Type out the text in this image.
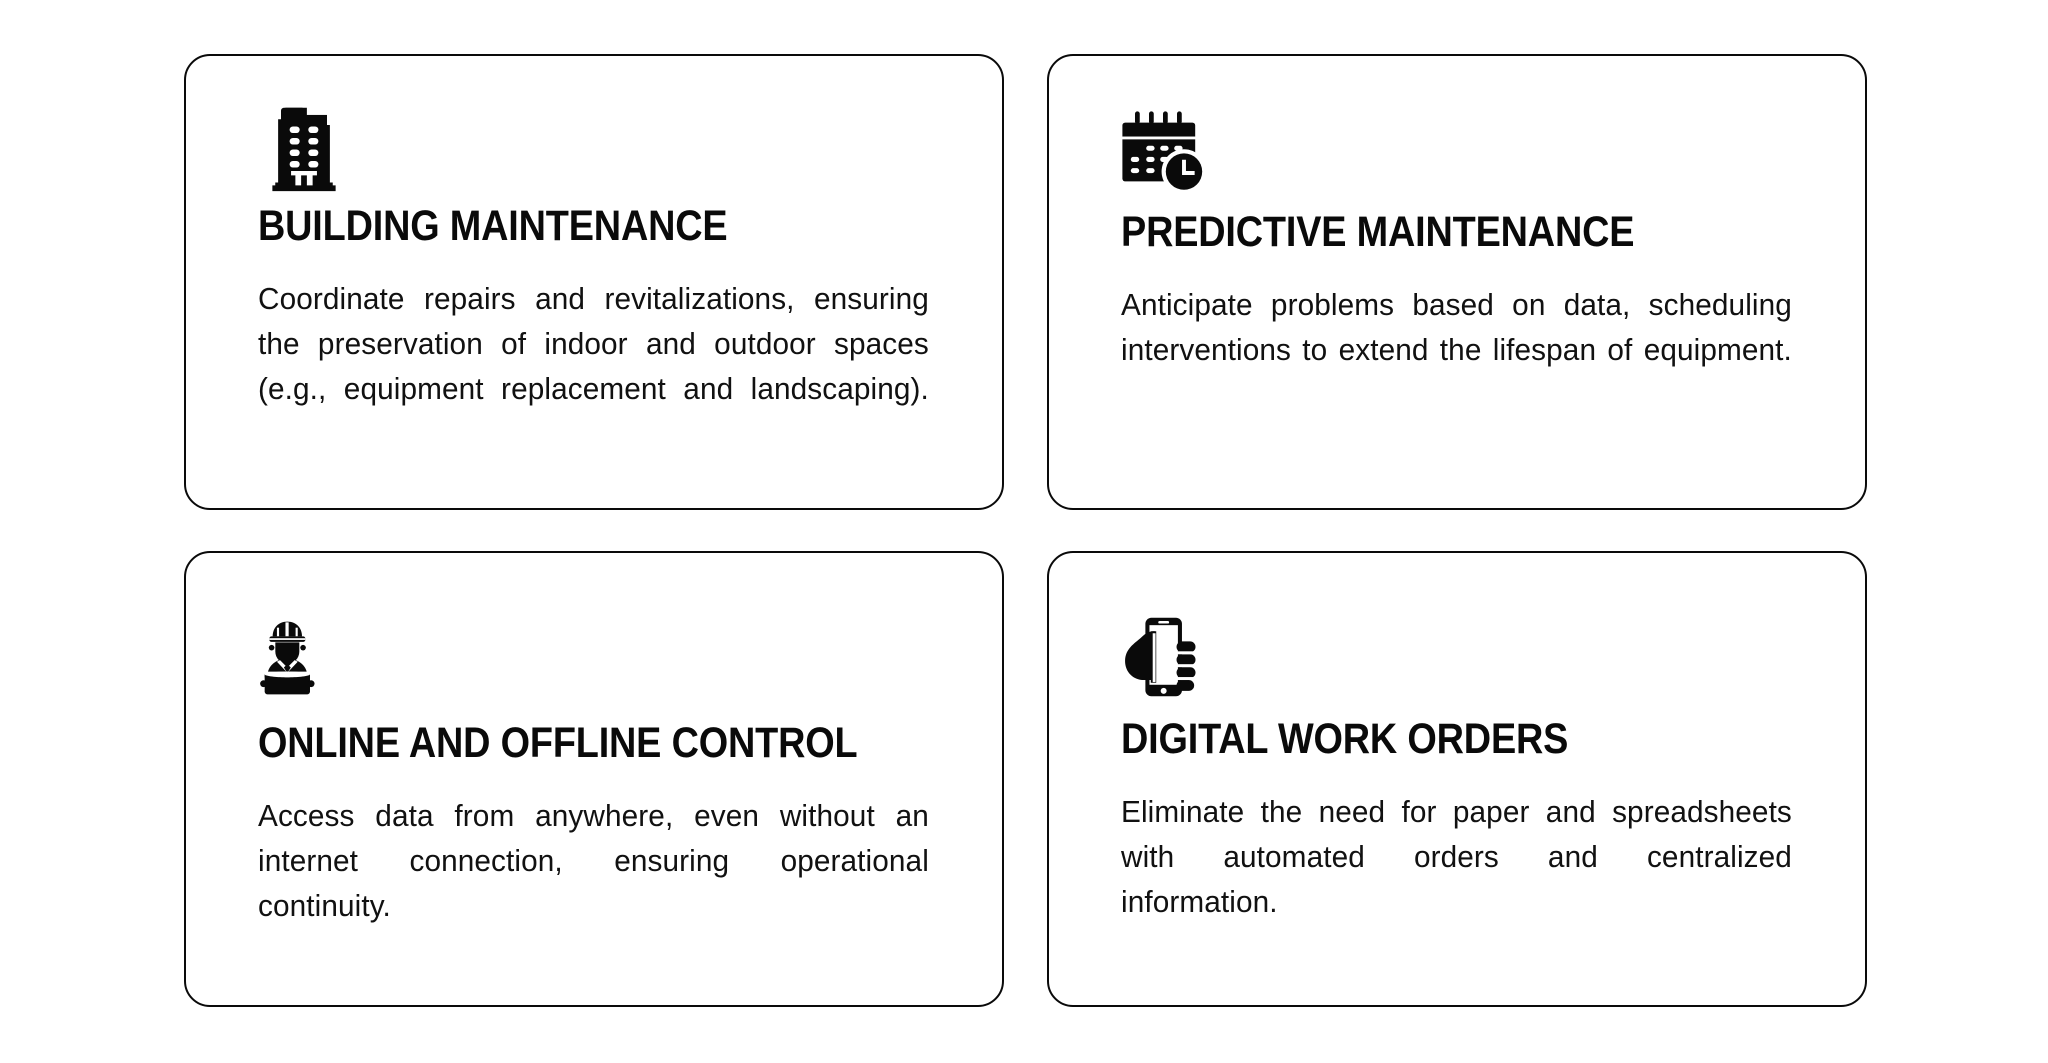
BUILDING MAINTENANCE

Coordinate repairs and revitalizations, ensuring the preservation of indoor and outdoor spaces (e.g., equipment replacement and landscaping).

PREDICTIVE MAINTENANCE

Anticipate problems based on data, scheduling interventions to extend the lifespan of equipment.

ONLINE AND OFFLINE CONTROL

Access data from anywhere, even without an internet connection, ensuring operational continuity.

DIGITAL WORK ORDERS

Eliminate the need for paper and spreadsheets with automated orders and centralized information.
